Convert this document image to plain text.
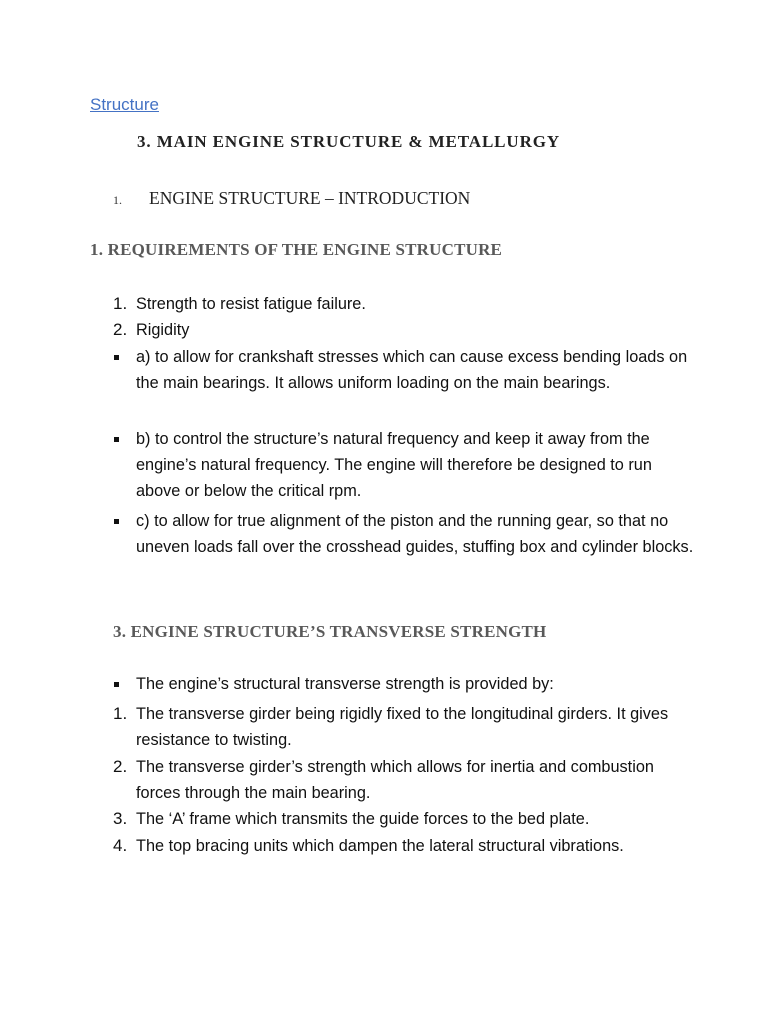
Structure
3. MAIN ENGINE STRUCTURE & METALLURGY
1. ENGINE STRUCTURE – INTRODUCTION
1. REQUIREMENTS OF THE ENGINE STRUCTURE
1. Strength to resist fatigue failure.
2. Rigidity
a) to allow for crankshaft stresses which can cause excess bending loads on the main bearings. It allows uniform loading on the main bearings.
b) to control the structure’s natural frequency and keep it away from the engine’s natural frequency. The engine will therefore be designed to run above or below the critical rpm.
c) to allow for true alignment of the piston and the running gear, so that no uneven loads fall over the crosshead guides, stuffing box and cylinder blocks.
3. ENGINE STRUCTURE’S TRANSVERSE STRENGTH
The engine’s structural transverse strength is provided by:
1. The transverse girder being rigidly fixed to the longitudinal girders. It gives resistance to twisting.
2. The transverse girder’s strength which allows for inertia and combustion forces through the main bearing.
3. The ‘A’ frame which transmits the guide forces to the bed plate.
4. The top bracing units which dampen the lateral structural vibrations.
